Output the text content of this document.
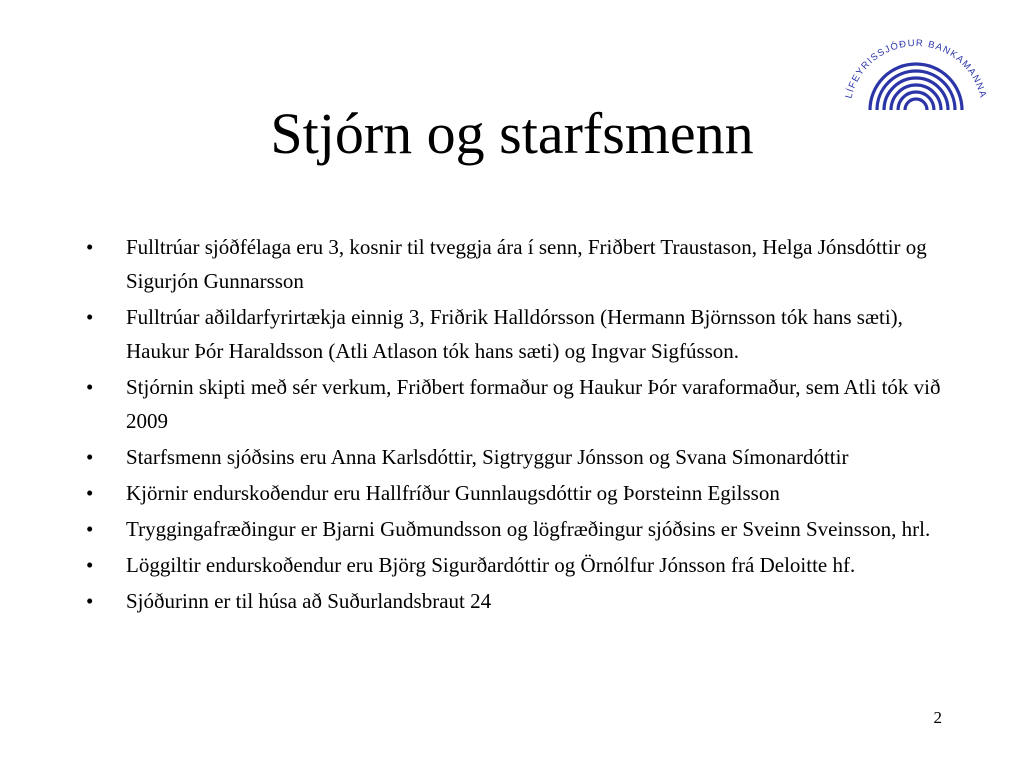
Stjórn og starfsmenn
LÍFEYRISSJÓÐUR BANKAMANNA
• Fulltrúar sjóðfélaga eru 3, kosnir til tveggja ára í senn, Friðbert Traustason, Helga Jónsdóttir og Sigurjón Gunnarsson
• Fulltrúar aðildarfyrirtækja einnig 3, Friðrik Halldórsson (Hermann Björnsson tók hans sæti), Haukur Þór Haraldsson (Atli Atlason tók hans sæti) og Ingvar Sigfússon.
• Stjórnin skipti með sér verkum, Friðbert formaður og Haukur Þór varaformaður, sem Atli tók við 2009
• Starfsmenn sjóðsins eru Anna Karlsdóttir, Sigtryggur Jónsson og Svana Símonardóttir
• Kjörnir endurskoðendur eru Hallfríður Gunnlaugsdóttir og Þorsteinn Egilsson
• Tryggingafræðingur er Bjarni Guðmundsson og lögfræðingur sjóðsins er Sveinn Sveinsson, hrl.
• Löggiltir endurskoðendur eru Björg Sigurðardóttir og Örnólfur Jónsson frá Deloitte hf.
• Sjóðurinn er til húsa að Suðurlandsbraut 24
2
